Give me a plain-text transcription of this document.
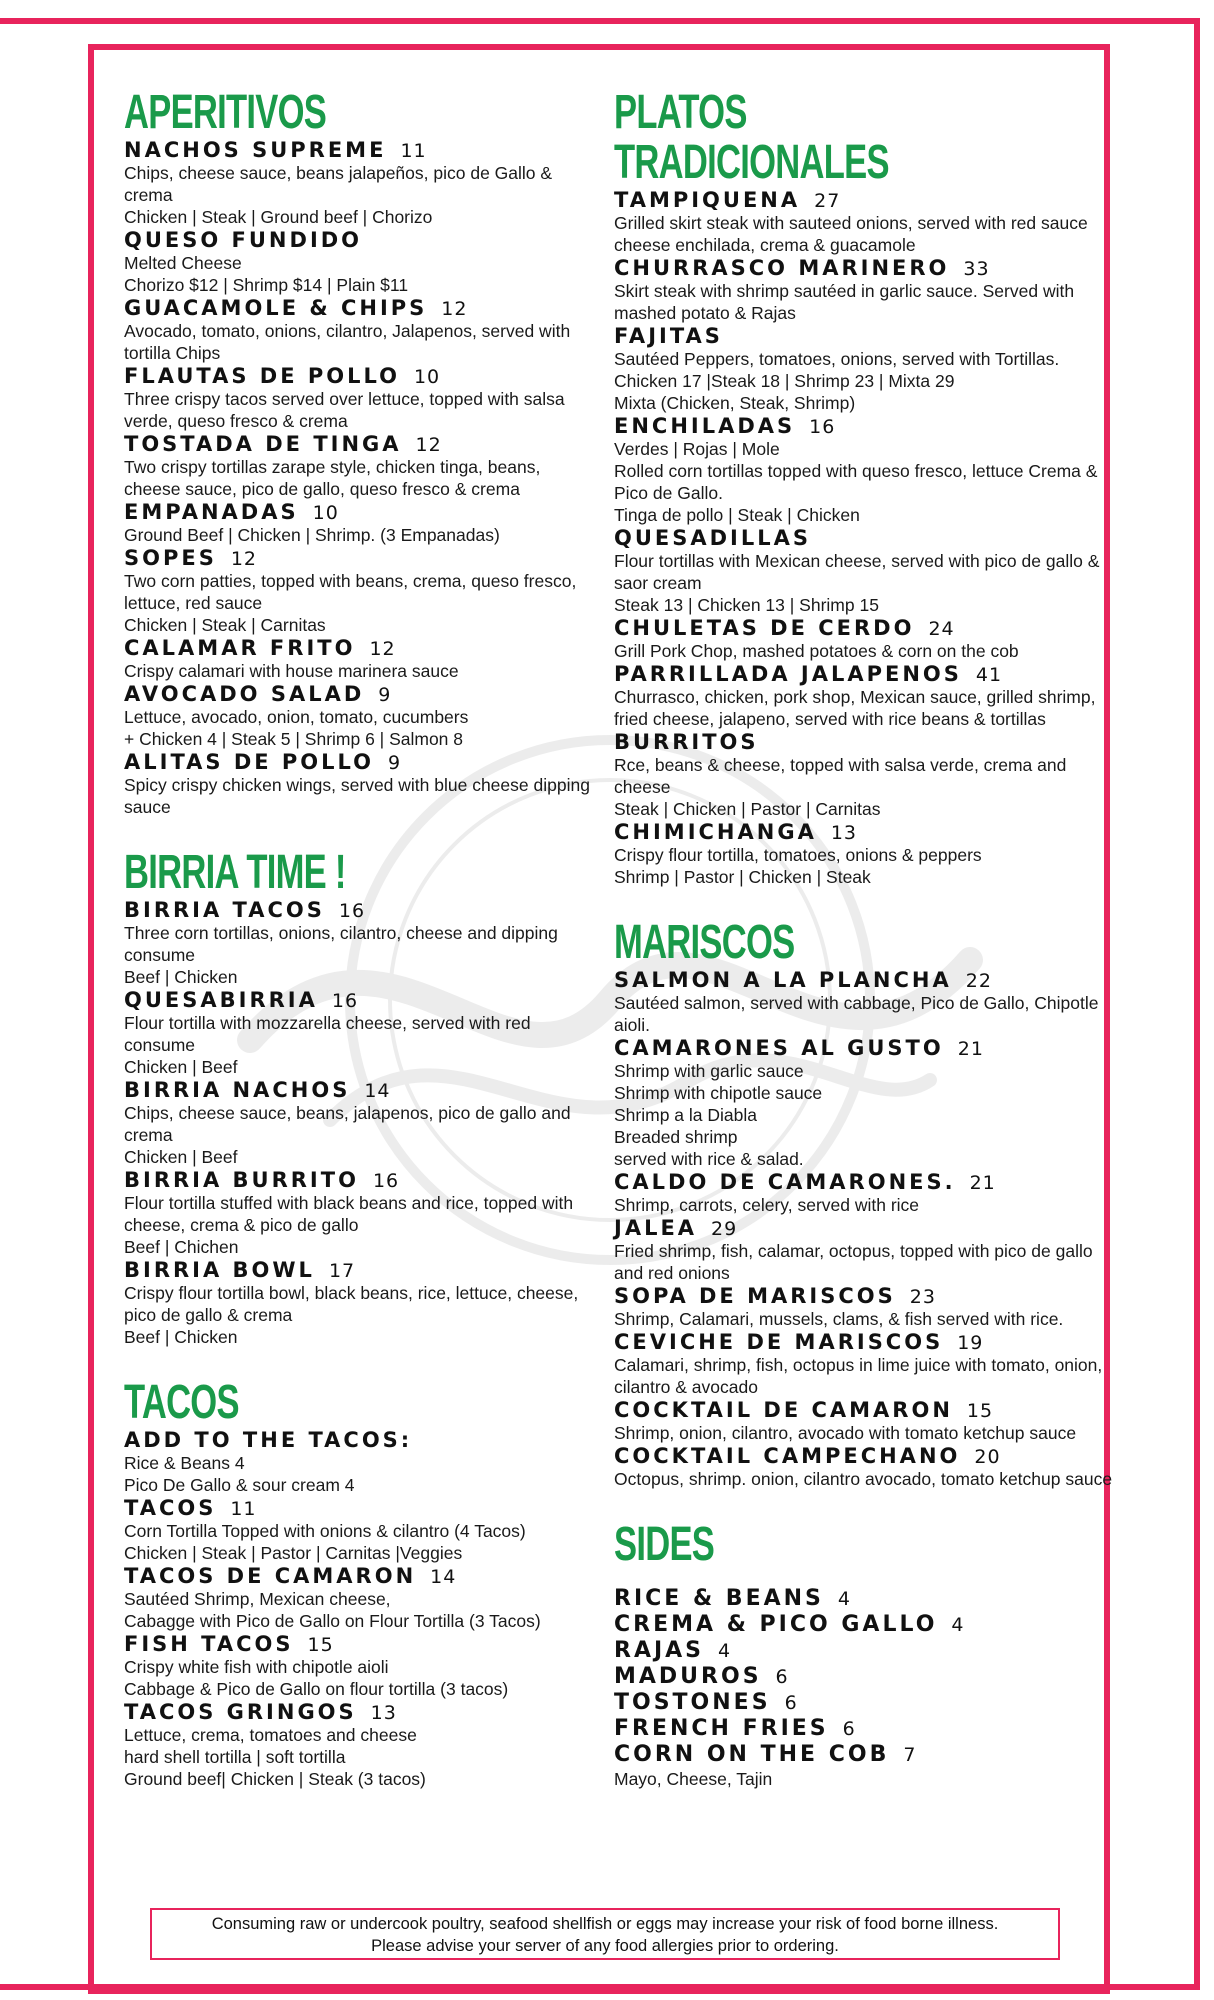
APERITIVOS
NACHOS SUPREME 11
Chips, cheese sauce, beans jalapeños, pico de Gallo & crema
Chicken | Steak | Ground beef | Chorizo
QUESO FUNDIDO
Melted Cheese
Chorizo $12 | Shrimp $14 | Plain $11
GUACAMOLE & CHIPS 12
Avocado, tomato, onions, cilantro, Jalapenos, served with tortilla Chips
FLAUTAS DE POLLO 10
Three crispy tacos served over lettuce, topped with salsa verde, queso fresco & crema
TOSTADA DE TINGA 12
Two crispy tortillas zarape style, chicken tinga, beans, cheese sauce, pico de gallo, queso fresco & crema
EMPANADAS 10
Ground Beef | Chicken | Shrimp. (3 Empanadas)
SOPES 12
Two corn patties, topped with beans, crema, queso fresco, lettuce, red sauce
Chicken | Steak | Carnitas
CALAMAR FRITO 12
Crispy calamari with house marinera sauce
AVOCADO SALAD 9
Lettuce, avocado, onion, tomato, cucumbers
+ Chicken 4 | Steak 5 | Shrimp 6 | Salmon 8
ALITAS DE POLLO 9
Spicy crispy chicken wings, served with blue cheese dipping sauce
BIRRIA TIME !
BIRRIA TACOS 16
Three corn tortillas, onions, cilantro, cheese and dipping consume
Beef | Chicken
QUESABIRRIA 16
Flour tortilla with mozzarella cheese, served with red consume
Chicken | Beef
BIRRIA NACHOS 14
Chips, cheese sauce, beans, jalapenos, pico de gallo and crema
Chicken | Beef
BIRRIA BURRITO 16
Flour tortilla stuffed with black beans and rice, topped with cheese, crema & pico de gallo
Beef | Chichen
BIRRIA BOWL 17
Crispy flour tortilla bowl, black beans, rice, lettuce, cheese, pico de gallo & crema
Beef | Chicken
TACOS
ADD TO THE TACOS:
Rice & Beans 4
Pico De Gallo & sour cream 4
TACOS 11
Corn Tortilla Topped with onions & cilantro (4 Tacos)
Chicken | Steak | Pastor | Carnitas |Veggies
TACOS DE CAMARON 14
Sautéed Shrimp, Mexican cheese,
Cabagge with Pico de Gallo on Flour Tortilla (3 Tacos)
FISH TACOS 15
Crispy white fish with chipotle aioli
Cabbage & Pico de Gallo on flour tortilla (3 tacos)
TACOS GRINGOS 13
Lettuce, crema, tomatoes and cheese
hard shell tortilla | soft tortilla
Ground beef| Chicken | Steak (3 tacos)
PLATOS TRADICIONALES
TAMPIQUENA 27
Grilled skirt steak with sauteed onions, served with red sauce cheese enchilada, crema & guacamole
CHURRASCO MARINERO 33
Skirt steak with shrimp sautéed in garlic sauce. Served with mashed potato & Rajas
FAJITAS
Sautéed Peppers, tomatoes, onions, served with Tortillas.
Chicken 17 |Steak 18 | Shrimp 23 | Mixta 29
Mixta (Chicken, Steak, Shrimp)
ENCHILADAS 16
Verdes | Rojas | Mole
Rolled corn tortillas topped with queso fresco, lettuce Crema & Pico de Gallo.
Tinga de pollo | Steak | Chicken
QUESADILLAS
Flour tortillas with Mexican cheese, served with pico de gallo & saor cream
Steak 13 | Chicken 13 | Shrimp 15
CHULETAS DE CERDO 24
Grill Pork Chop, mashed potatoes & corn on the cob
PARRILLADA JALAPENOS 41
Churrasco, chicken, pork shop, Mexican sauce, grilled shrimp, fried cheese, jalapeno, served with rice beans & tortillas
BURRITOS
Rce, beans & cheese, topped with salsa verde, crema and cheese
Steak | Chicken | Pastor | Carnitas
CHIMICHANGA 13
Crispy flour tortilla, tomatoes, onions & peppers
Shrimp | Pastor | Chicken | Steak
MARISCOS
SALMON A LA PLANCHA 22
Sautéed salmon, served with cabbage, Pico de Gallo, Chipotle aioli.
CAMARONES AL GUSTO 21
Shrimp with garlic sauce
Shrimp with chipotle sauce
Shrimp a la Diabla
Breaded shrimp
served with rice & salad.
CALDO DE CAMARONES. 21
Shrimp, carrots, celery, served with rice
JALEA 29
Fried shrimp, fish, calamar, octopus, topped with pico de gallo and red onions
SOPA DE MARISCOS 23
Shrimp, Calamari, mussels, clams, & fish served with rice.
CEVICHE DE MARISCOS 19
Calamari, shrimp, fish, octopus in lime juice with tomato, onion, cilantro & avocado
COCKTAIL DE CAMARON 15
Shrimp, onion, cilantro, avocado with tomato ketchup sauce
COCKTAIL CAMPECHANO 20
Octopus, shrimp. onion, cilantro avocado, tomato ketchup sauce
SIDES
RICE & BEANS 4
CREMA & PICO GALLO 4
RAJAS 4
MADUROS 6
TOSTONES 6
FRENCH FRIES 6
CORN ON THE COB 7
Mayo, Cheese, Tajin
Consuming raw or undercook poultry, seafood shellfish or eggs may increase your risk of food borne illness.
Please advise your server of any food allergies prior to ordering.
